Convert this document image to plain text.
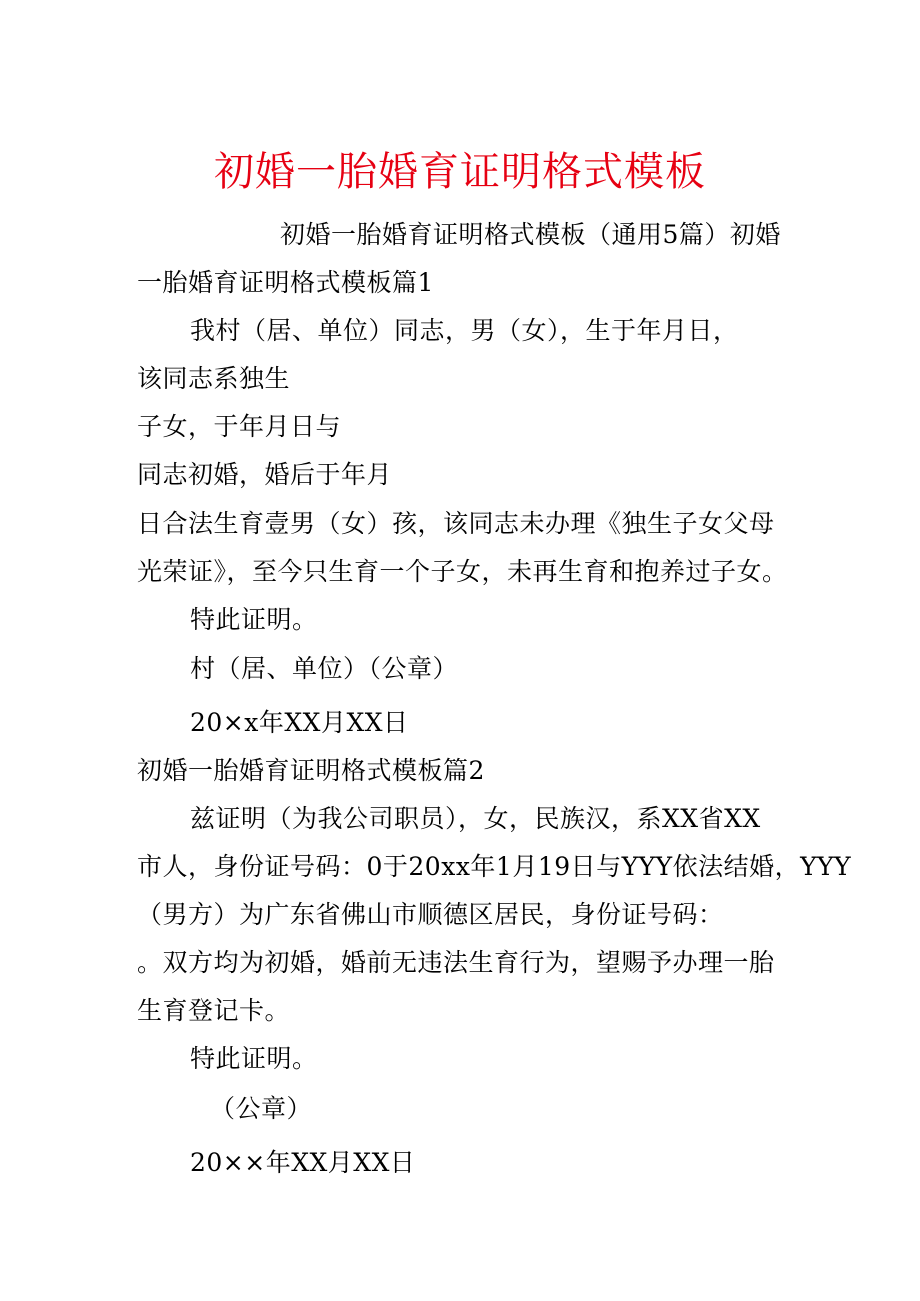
初婚一胎婚育证明格式模板
初婚一胎婚育证明格式模板（通用5篇）初婚
一胎婚育证明格式模板篇1
我村（居、单位）同志，男（女），生于年月日，
该同志系独生
子女，于年月日与
同志初婚，婚后于年月
日合法生育壹男（女）孩，该同志未办理《独生子女父母
光荣证》，至今只生育一个子女，未再生育和抱养过子女。
特此证明。
村（居、单位）（公章）
20×x年XX月XX日
初婚一胎婚育证明格式模板篇2
兹证明（为我公司职员），女，民族汉，系XX省XX
市人，身份证号码：0于20xx年1月19日与YYY依法结婚，YYY
（男方）为广东省佛山市顺德区居民，身份证号码：
。双方均为初婚，婚前无违法生育行为，望赐予办理一胎
生育登记卡。
特此证明。
（公章）
20××年XX月XX日
